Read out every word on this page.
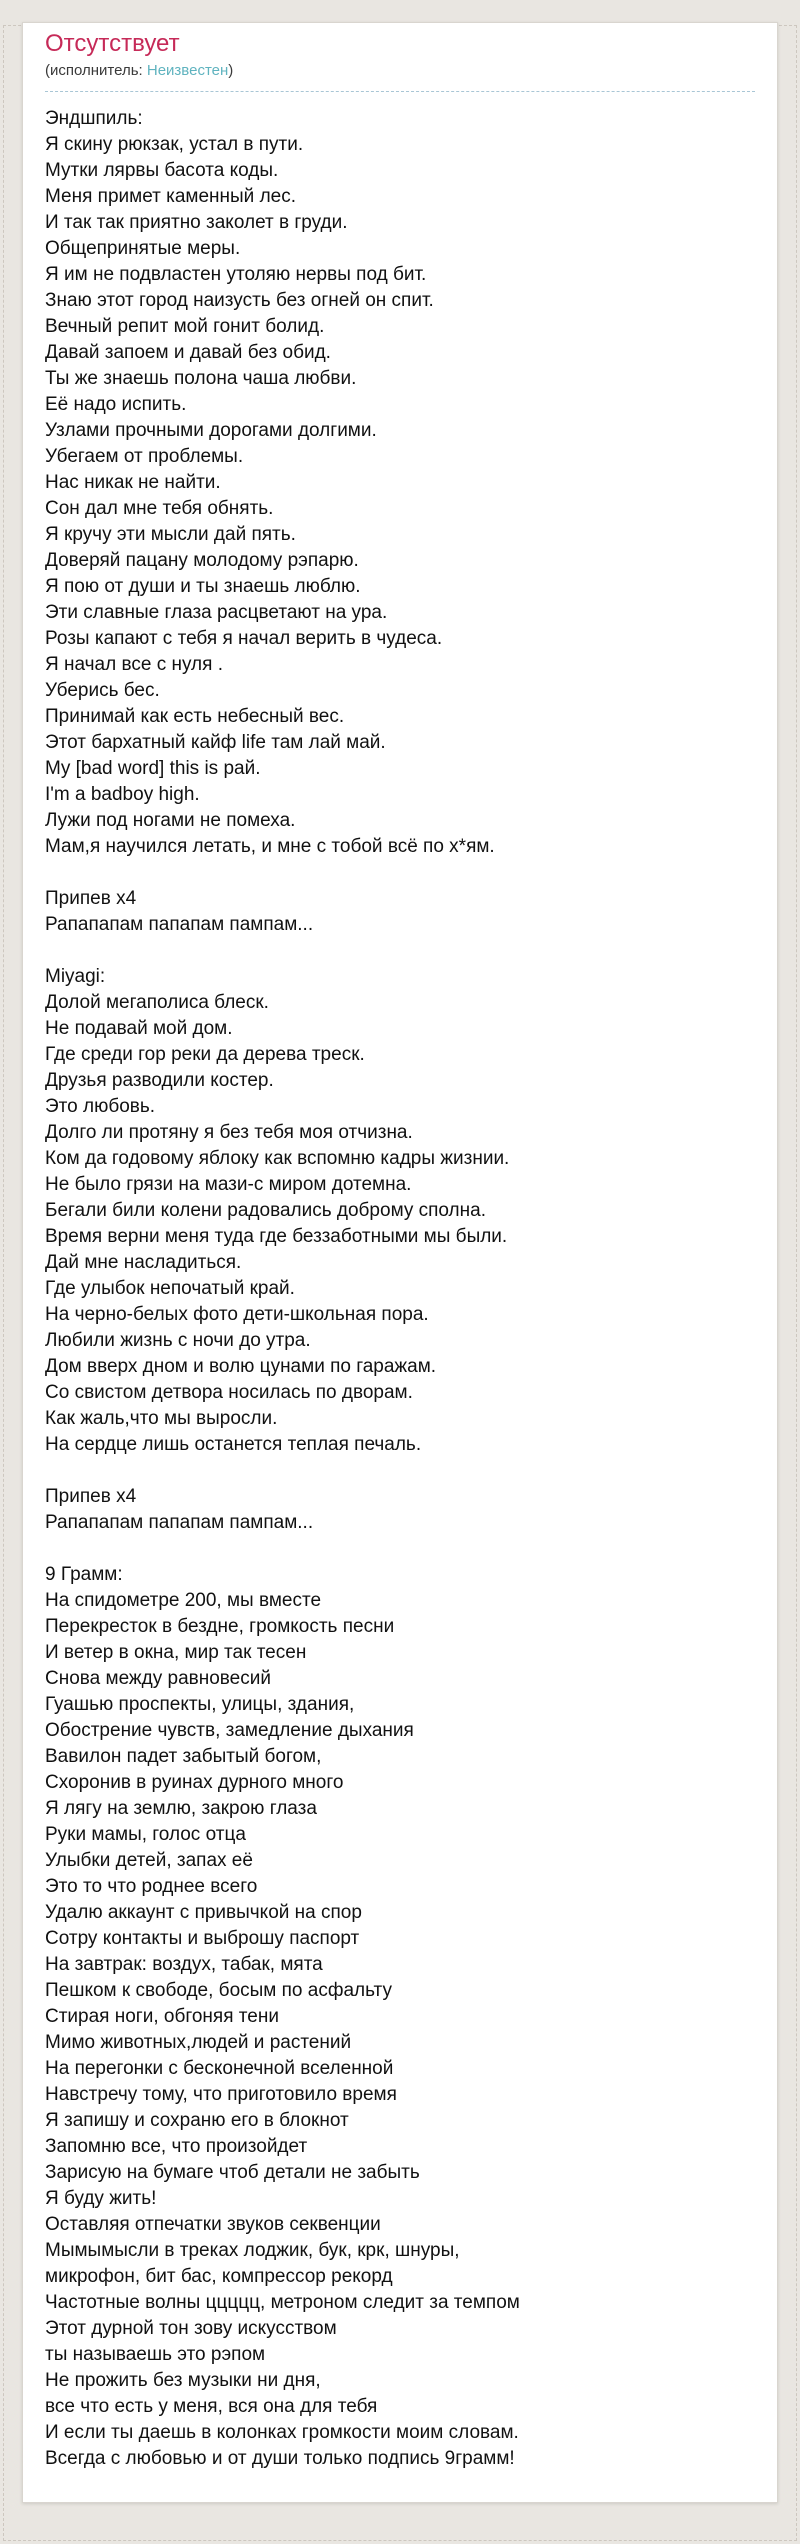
Отсутствует
(исполнитель: Неизвестен)
Эндшпиль:
Я скину рюкзак, устал в пути.
Мутки лярвы басота коды.
Меня примет каменный лес.
И так так приятно заколет в груди.
Общепринятые меры.
Я им не подвластен утоляю нервы под бит.
Знаю этот город наизусть без огней он спит.
Вечный репит мой гонит болид.
Давай запоем и давай без обид.
Ты же знаешь полона чаша любви.
Её надо испить.
Узлами прочными дорогами долгими.
Убегаем от проблемы.
Нас никак не найти.
Сон дал мне тебя обнять.
Я кручу эти мысли дай пять.
Доверяй пацану молодому рэпарю.
Я пою от души и ты знаешь люблю.
Эти славные глаза расцветают на ура.
Розы капают с тебя я начал верить в чудеса.
Я начал все с нуля .
Уберись бес.
Принимай как есть небесный вес.
Этот бархатный кайф life там лай май.
My [bad word] this is рай.
I'm a badboy high.
Лужи под ногами не помеха.
Мам,я научился летать, и мне с тобой всё по х*ям.
Припев x4
Рапапапам папапам пампам...
Miyagi:
Долой мегаполиса блеск.
Не подавай мой дом.
Где среди гор реки да дерева треск.
Друзья разводили костер.
Это любовь.
Долго ли протяну я без тебя моя отчизна.
Ком да годовому яблоку как вспомню кадры жизнии.
Не было грязи на мази-с миром дотемна.
Бегали били колени радовались доброму сполна.
Время верни меня туда где беззаботными мы были.
Дай мне насладиться.
Где улыбок непочатый край.
На черно-белых фото дети-школьная пора.
Любили жизнь с ночи до утра.
Дом вверх дном и волю цунами по гаражам.
Со свистом детвора носилась по дворам.
Как жаль,что мы выросли.
На сердце лишь останется теплая печаль.
Припев x4
Рапапапам папапам пампам...
9 Грамм:
На спидометре 200, мы вместе
Перекресток в бездне, громкость песни
И ветер в окна, мир так тесен
Снова между равновесий
Гуашью проспекты, улицы, здания,
Обострение чувств, замедление дыхания
Вавилон падет забытый богом,
Схоронив в руинах дурного много
Я лягу на землю, закрою глаза
Руки мамы, голос отца
Улыбки детей, запах её
Это то что роднее всего
Удалю аккаунт с привычкой на спор
Сотру контакты и выброшу паспорт
На завтрак: воздух, табак, мята
Пешком к свободе, босым по асфальту
Стирая ноги, обгоняя тени
Мимо животных,людей и растений
На перегонки с бесконечной вселенной
Навстречу тому, что приготовило время
Я запишу и сохраню его в блокнот
Запомню все, что произойдет
Зарисую на бумаге чтоб детали не забыть
Я буду жить!
Оставляя отпечатки звуков секвенции
Мымымысли в треках лоджик, бук, крк, шнуры,
микрофон, бит бас, компрессор рекорд
Частотные волны ццццц, метроном следит за темпом
Этот дурной тон зову искусством
ты называешь это рэпом
Не прожить без музыки ни дня,
все что есть у меня, вся она для тебя
И если ты даешь в колонках громкости моим словам.
Всегда с любовью и от души только подпись 9грамм!
